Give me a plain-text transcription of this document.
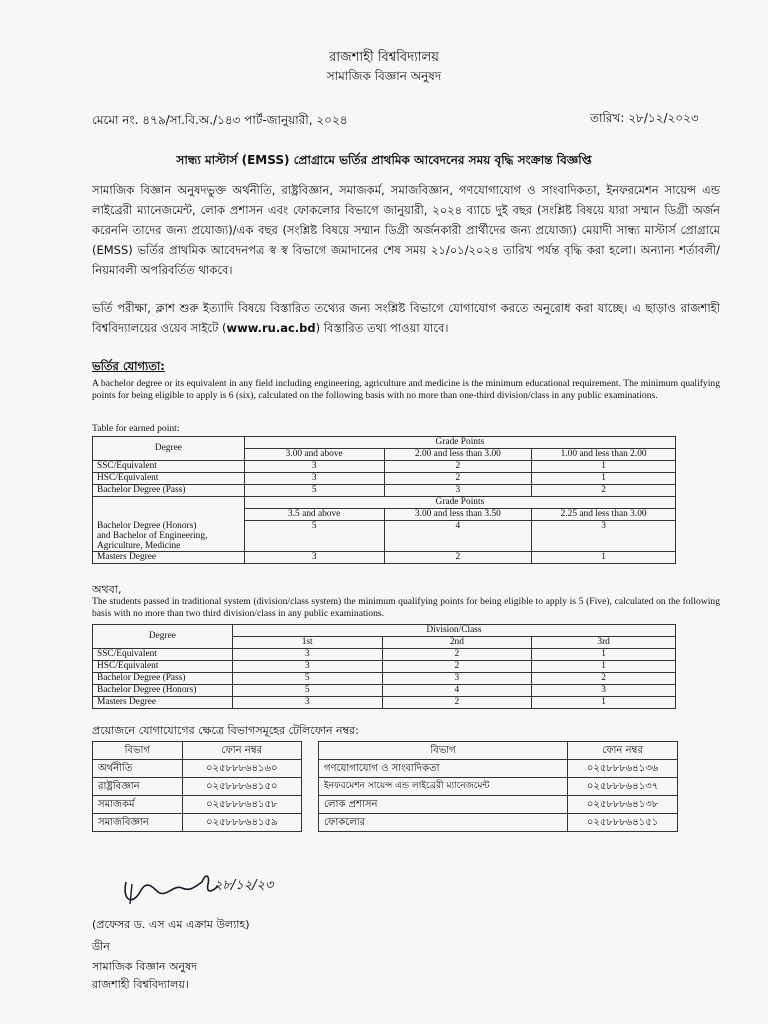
রাজশাহী বিশ্ববিদ্যালয়
সামাজিক বিজ্ঞান অনুষদ
মেমো নং. ৪৭৯/সা.বি.অ./১৪৩ পার্ট-জানুয়ারী, ২০২৪	তারিখ: ২৮/১২/২০২৩
সান্ধ্য মাস্টার্স (EMSS) প্রোগ্রামে ভর্তির প্রাথমিক আবেদনের সময় বৃদ্ধি সংক্রান্ত বিজ্ঞপ্তি
সামাজিক বিজ্ঞান অনুষদভুক্ত অর্থনীতি, রাষ্ট্রবিজ্ঞান, সমাজকর্ম, সমাজবিজ্ঞান, গণযোগাযোগ ও সাংবাদিকতা, ইনফরমেশন সায়েন্স এন্ড লাইব্রেরী ম্যানেজমেন্ট, লোক প্রশাসন এবং ফোকলোর বিভাগে জানুয়ারী, ২০২৪ ব্যাচে দুই বছর (সংশ্লিষ্ট বিষয়ে যারা সম্মান ডিগ্রী অর্জন করেননি তাদের জন্য প্রযোজ্য)/এক বছর (সংশ্লিষ্ট বিষয়ে সম্মান ডিগ্রী অর্জনকারী প্রার্থীদের জন্য প্রযোজ্য) মেয়াদী সান্ধ্য মাস্টার্স প্রোগ্রামে (EMSS) ভর্তির প্রাথমিক আবেদনপত্র স্ব স্ব বিভাগে জমাদানের শেষ সময় ২১/০১/২০২৪ তারিখ পর্যন্ত বৃদ্ধি করা হলো। অন্যান্য শর্তাবলী/নিয়মাবলী অপরিবর্তিত থাকবে।
ভর্তি পরীক্ষা, ক্লাশ শুরু ইত্যাদি বিষয়ে বিস্তারিত তথ্যের জন্য সংশ্লিষ্ট বিভাগে যোগাযোগ করতে অনুরোধ করা যাচ্ছে। এ ছাড়াও রাজশাহী বিশ্ববিদ্যালয়ের ওয়েব সাইটে (www.ru.ac.bd) বিস্তারিত তথ্য পাওয়া যাবে।
ভর্তির যোগ্যতা:
A bachelor degree or its equivalent in any field including engineering, agriculture and medicine is the minimum educational requirement. The minimum qualifying points for being eligible to apply is 6 (six), calculated on the following basis with no more than one-third division/class in any public examinations.
Table for earned point:
Degree	Grade Points		
	3.00 and above	2.00 and less than 3.00	1.00 and less than 2.00
SSC/Equivalent	3	2	1
HSC/Equivalent	3	2	1
Bachelor Degree (Pass)	5	3	2
	Grade Points		
	3.5 and above	3.00 and less than 3.50	2.25 and less than 3.00
Bachelor Degree (Honors)
and Bachelor of Engineering,
Agriculture, Medicine	5	4	3
Masters Degree	3	2	1
অথবা,
The students passed in traditional system (division/class system) the minimum qualifying points for being eligible to apply is 5 (Five), calculated on the following basis with no more than two third division/class in any public examinations.
Degree	Division/Class		
	1st	2nd	3rd
SSC/Equivalent	3	2	1
HSC/Equivalent	3	2	1
Bachelor Degree (Pass)	5	3	2
Bachelor Degree (Honors)	5	4	3
Masters Degree	3	2	1
প্রয়োজনে যোগাযোগের ক্ষেত্রে বিভাগসমূহের টেলিফোন নম্বর:
বিভাগ	ফোন নম্বর
অর্থনীতি	০২৫৮৮৮৬৪১৬০
রাষ্ট্রবিজ্ঞান	০২৫৮৮৮৬৪১৫০
সমাজকর্ম	০২৫৮৮৮৬৪১৫৮
সমাজবিজ্ঞান	০২৫৮৮৮৬৪১৫৯
বিভাগ	ফোন নম্বর
গণযোগাযোগ ও সাংবাদিকতা	০২৫৮৮৮৬৪১৩৬
ইনফরমেশন সায়েন্স এন্ড লাইব্রেরী ম্যানেজমেন্ট	০২৫৮৮৮৬৪১৩৭
লোক প্রশাসন	০২৫৮৮৮৬৪১৩৮
ফোকলোর	০২৫৮৮৮৬৪১৫১
২৮/১২/২৩
(প্রফেসর ড. এস এম এক্রাম উল্যাহ)
ডীন
সামাজিক বিজ্ঞান অনুষদ
রাজশাহী বিশ্ববিদ্যালয়।
